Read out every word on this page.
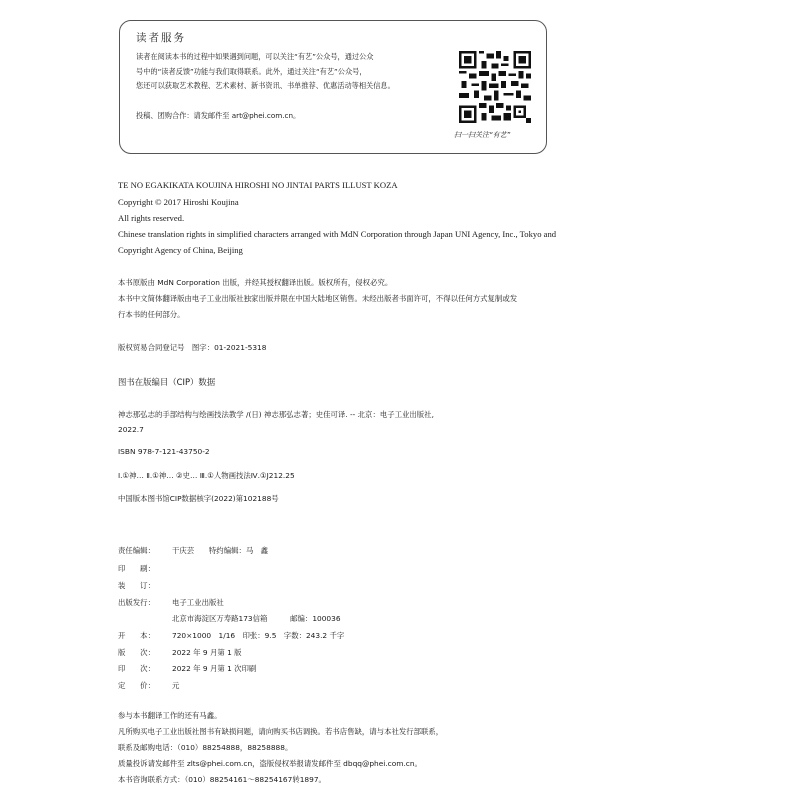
读者服务
读者在阅读本书的过程中如果遇到问题，可以关注“有艺”公众号，通过公众
号中的“读者反馈”功能与我们取得联系。此外，通过关注“有艺”公众号，
您还可以获取艺术教程、艺术素材、新书资讯、书单推荐、优惠活动等相关信息。
投稿、团购合作：请发邮件至 art@phei.com.cn。
扫一扫关注“有艺”
TE NO EGAKIKATA KOUJINA HIROSHI NO JINTAI PARTS ILLUST KOZA
Copyright © 2017 Hiroshi Koujina
All rights reserved.
Chinese translation rights in simplified characters arranged with MdN Corporation through Japan UNI Agency, Inc., Tokyo and
Copyright Agency of China, Beijing
本书原版由 MdN Corporation 出版，并经其授权翻译出版。版权所有，侵权必究。
本书中文简体翻译版由电子工业出版社独家出版并限在中国大陆地区销售。未经出版者书面许可，不得以任何方式复制或发
行本书的任何部分。
版权贸易合同登记号　图字：01-2021-5318
图书在版编目（CIP）数据
神志那弘志的手部结构与绘画技法教学 /(日) 神志那弘志著；史佳可译. -- 北京：电子工业出版社,
2022.7
ISBN 978-7-121-43750-2
Ⅰ.①神… Ⅱ.①神… ②史… Ⅲ.①人物画技法Ⅳ.①J212.25
中国版本图书馆CIP数据核字(2022)第102188号
责任编辑： 干庆芸 特约编辑：马　鑫
印　　刷：
装　　订：
出版发行： 电子工业出版社
北京市海淀区万寿路173信箱	邮编：100036
开　　本： 720×1000　1/16　印张：9.5　字数：243.2 千字
版　　次： 2022 年 9 月第 1 版
印　　次： 2022 年 9 月第 1 次印刷
定　　价： 元
参与本书翻译工作的还有马鑫。
凡所购买电子工业出版社图书有缺损问题，请向购买书店调换。若书店售缺，请与本社发行部联系，
联系及邮购电话：（010）88254888，88258888。
质量投诉请发邮件至 zlts@phei.com.cn，盗版侵权举报请发邮件至 dbqq@phei.com.cn。
本书咨询联系方式：（010）88254161～88254167转1897。
